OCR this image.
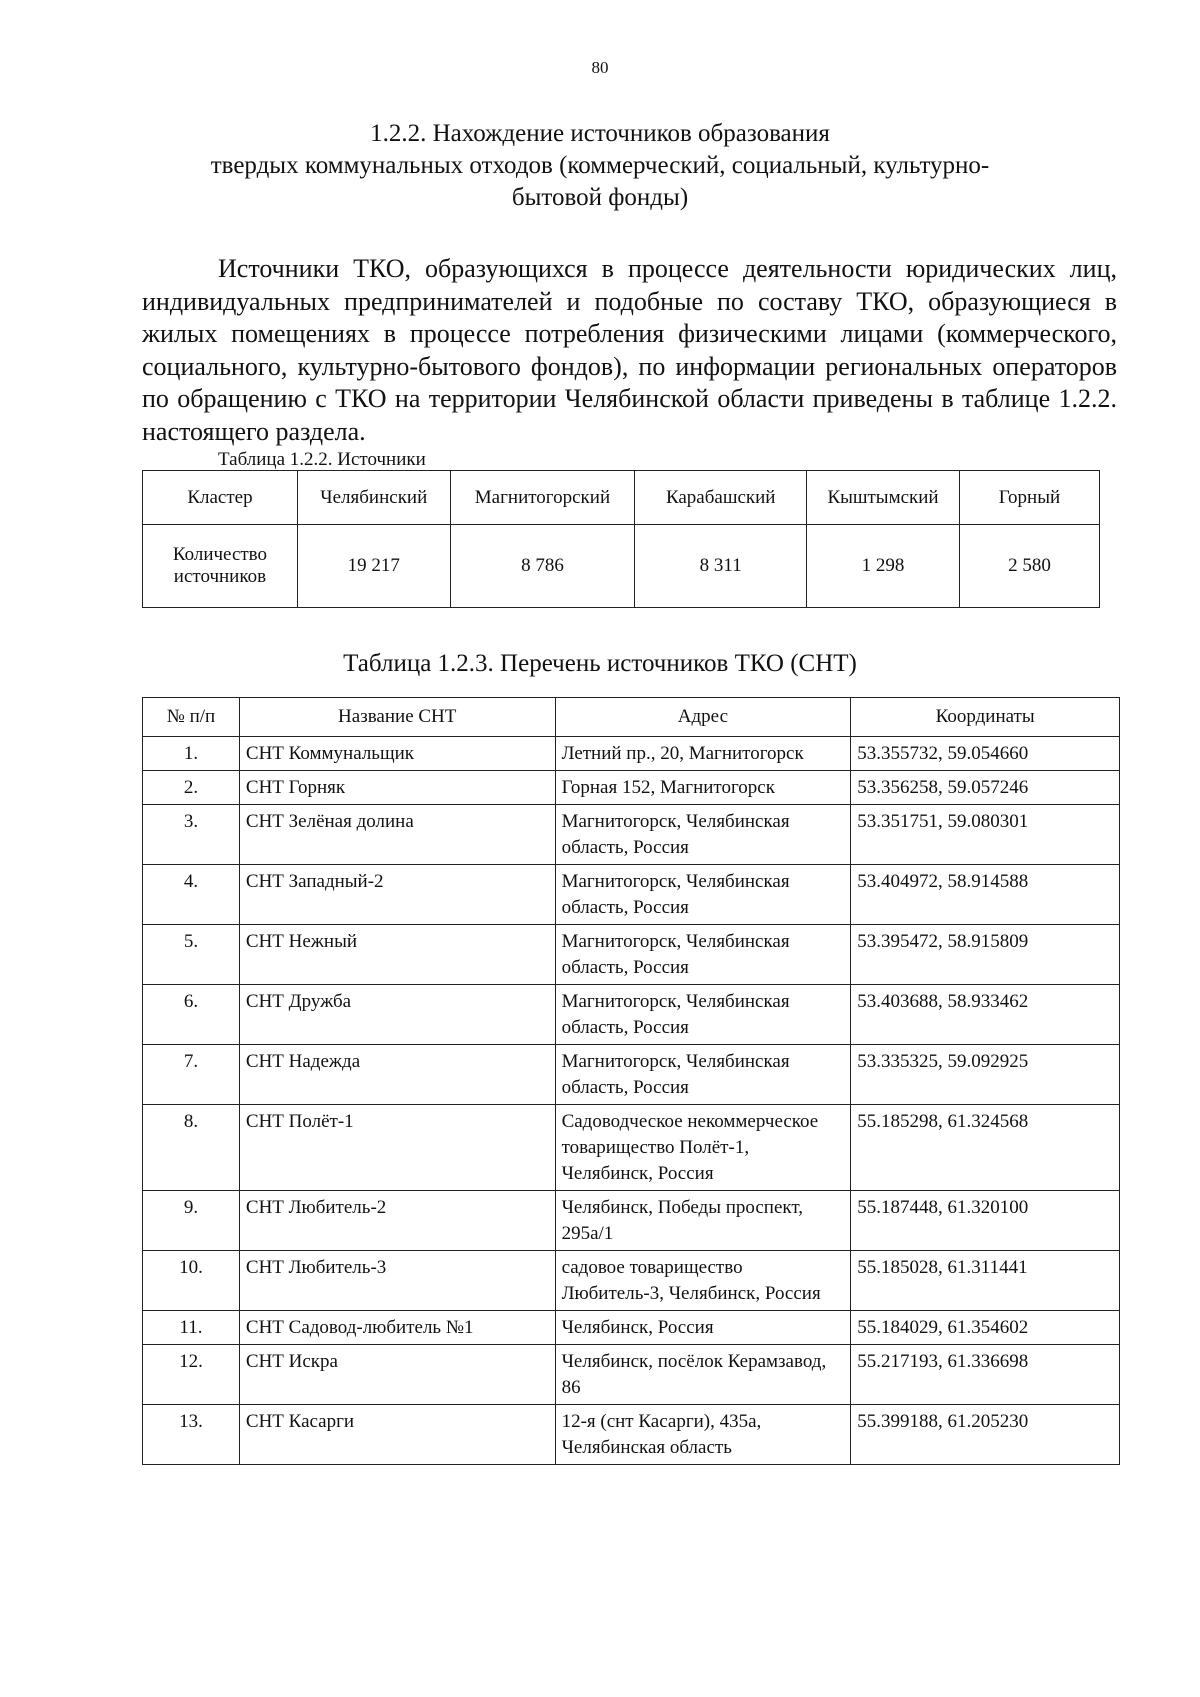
80
1.2.2. Нахождение источников образования
твердых коммунальных отходов (коммерческий, социальный, культурно-
бытовой фонды)
Источники ТКО, образующихся в процессе деятельности юридических лиц, индивидуальных предпринимателей и подобные по составу ТКО, образующиеся в жилых помещениях в процессе потребления физическими лицами (коммерческого, социального, культурно-бытового фондов), по информации региональных операторов по обращению с ТКО на территории Челябинской области приведены в таблице 1.2.2. настоящего раздела.
Таблица 1.2.2. Источники
Кластер	Челябинский	Магнитогорский	Карабашский	Кыштымский	Горный

Количество
источников	19 217	8 786	8 311	1 298	2 580
Таблица 1.2.3. Перечень источников ТКО (СНТ)
№ п/п	Название СНТ	Адрес	Координаты
1.	СНТ Коммунальщик	Летний пр., 20, Магнитогорск	53.355732, 59.054660
2.	СНТ Горняк	Горная 152, Магнитогорск	53.356258, 59.057246
3.	СНТ Зелёная долина	Магнитогорск, Челябинская область, Россия	53.351751, 59.080301
4.	СНТ Западный-2	Магнитогорск, Челябинская область, Россия	53.404972, 58.914588
5.	СНТ Нежный	Магнитогорск, Челябинская область, Россия	53.395472, 58.915809
6.	СНТ Дружба	Магнитогорск, Челябинская область, Россия	53.403688, 58.933462
7.	СНТ Надежда	Магнитогорск, Челябинская область, Россия	53.335325, 59.092925
8.	СНТ Полёт-1	Садоводческое некоммерческое товарищество Полёт-1, Челябинск, Россия	55.185298, 61.324568
9.	СНТ Любитель-2	Челябинск, Победы проспект, 295а/1	55.187448, 61.320100
10.	СНТ Любитель-3	садовое товарищество Любитель-3, Челябинск, Россия	55.185028, 61.311441
11.	СНТ Садовод-любитель №1	Челябинск, Россия	55.184029, 61.354602
12.	СНТ Искра	Челябинск, посёлок Керамзавод, 86	55.217193, 61.336698
13.	СНТ Касарги	12-я (снт Касарги), 435а, Челябинская область	55.399188, 61.205230
